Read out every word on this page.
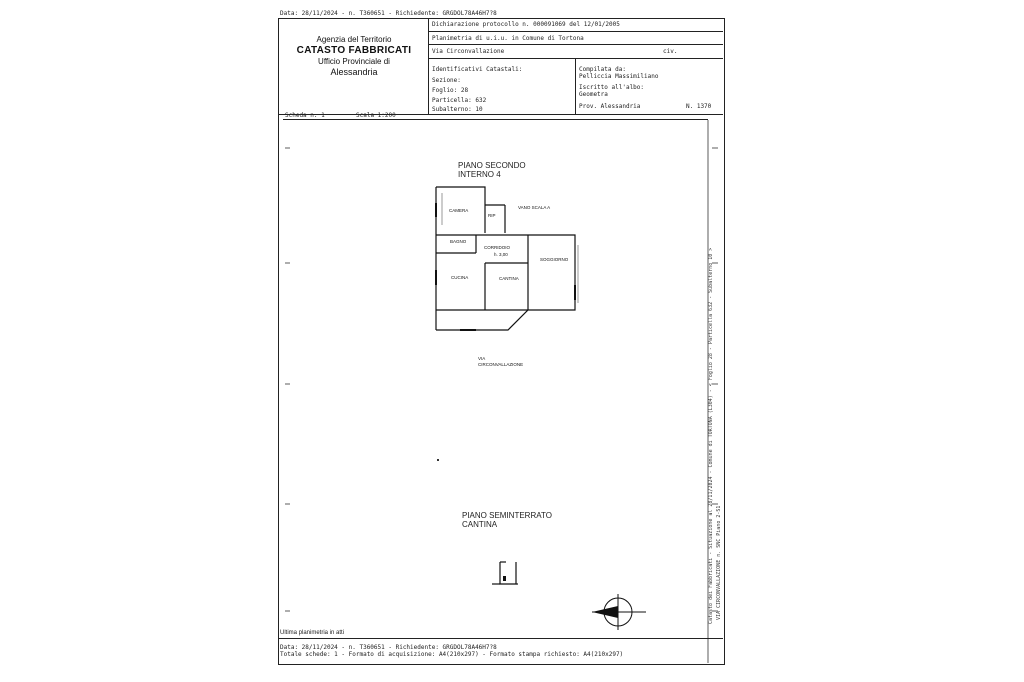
Data: 28/11/2024 - n. T360651 - Richiedente: GRGDOL78A46H7?8
Dichiarazione protocollo n. 000091069 del 12/01/2005
Planimetria di u.i.u. in Comune di Tortona
Via Circonvallazione	civ.
Identificativi Catastali:
Sezione:
Foglio: 28
Particella: 632
Subalterno: 10
Compilata da:
Pelliccia Massimiliano
Iscritto all'albo:
Geometra
Prov. Alessandria	N. 1370
Agenzia del Territorio
CATASTO FABBRICATI
Ufficio Provinciale di
Alessandria
Scheda n. 1	Scala 1:200
PIANO SECONDO
INTERNO 4
CAMERA
RIP
VANO SCALA A
BAGNO
CORRIDOIO
h. 3,00
SOGGIORNO
CUCINA	CANTINA
VIA
CIRCONVALLAZIONE
PIANO SEMINTERRATO
CANTINA
Ultima planimetria in atti
Data: 28/11/2024 - n. T360651 - Richiedente: GRGDOL78A46H7?8
Totale schede: 1 - Formato di acquisizione: A4(210x297) - Formato stampa richiesto: A4(210x297)
Catasto dei Fabbricati - Situazione al 28/11/2024 - Comune di TORTONA (L304) - < Foglio 28 - Particella 632 - Subalterno 10 > VIA CIRCONVALLAZIONE n. SNC Piano 2-S1
